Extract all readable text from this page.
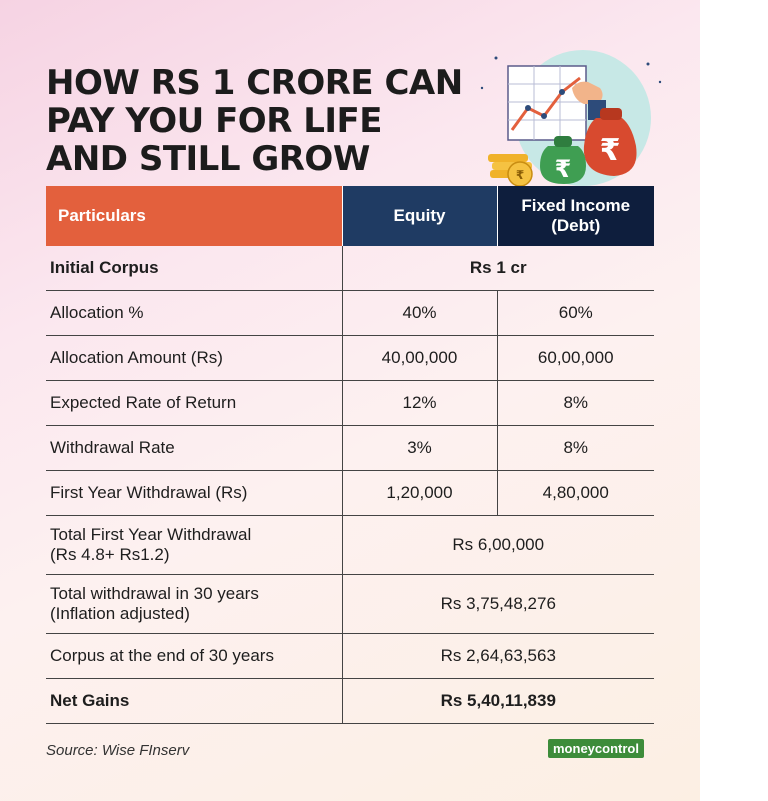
HOW RS 1 CRORE CAN
PAY YOU FOR LIFE
AND STILL GROW	₹
₹
₹
Particulars	Equity	Fixed Income
(Debt)
Initial Corpus	Rs 1 cr	
Allocation %	40%	60%
Allocation Amount (Rs)	40,00,000	60,00,000
Expected Rate of Return	12%	8%
Withdrawal Rate	3%	8%
First Year Withdrawal (Rs)	1,20,000	4,80,000
Total First Year Withdrawal
(Rs 4.8+ Rs1.2)	Rs 6,00,000	
Total withdrawal in 30 years
(Inflation adjusted)	Rs 3,75,48,276	
Corpus at the end of 30 years	Rs 2,64,63,563	
Net Gains	Rs 5,40,11,839	
Source: Wise FInserv	moneycontrol
